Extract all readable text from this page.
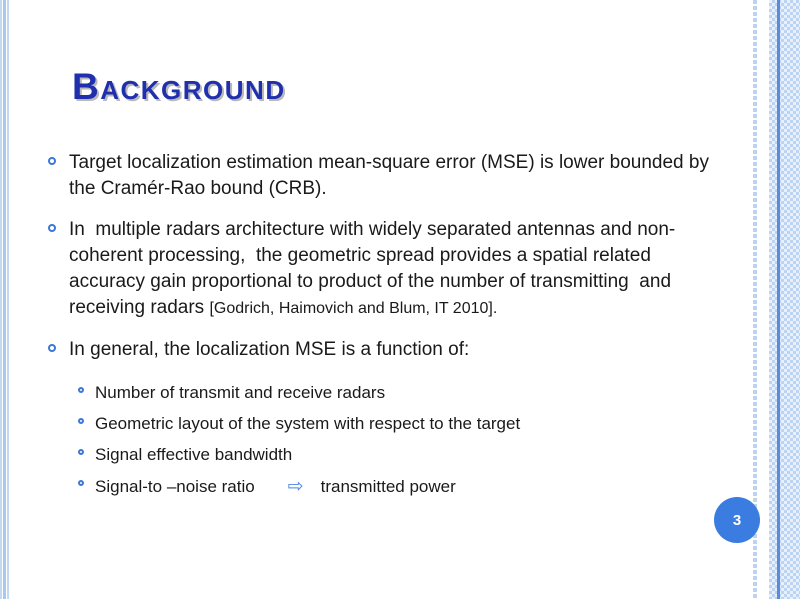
Background

Target localization estimation mean-square error (MSE) is lower bounded by the Cramér-Rao bound (CRB).

In  multiple radars architecture with widely separated antennas and non-coherent processing,  the geometric spread provides a spatial related  accuracy gain proportional to product of the number of transmitting  and receiving radars [Godrich, Haimovich and Blum, IT 2010].

In general, the localization MSE is a function of:

Number of transmit and receive radars

Geometric layout of the system with respect to the target

Signal effective bandwidth

Signal-to –noise ratio ⇨ transmitted power

3
